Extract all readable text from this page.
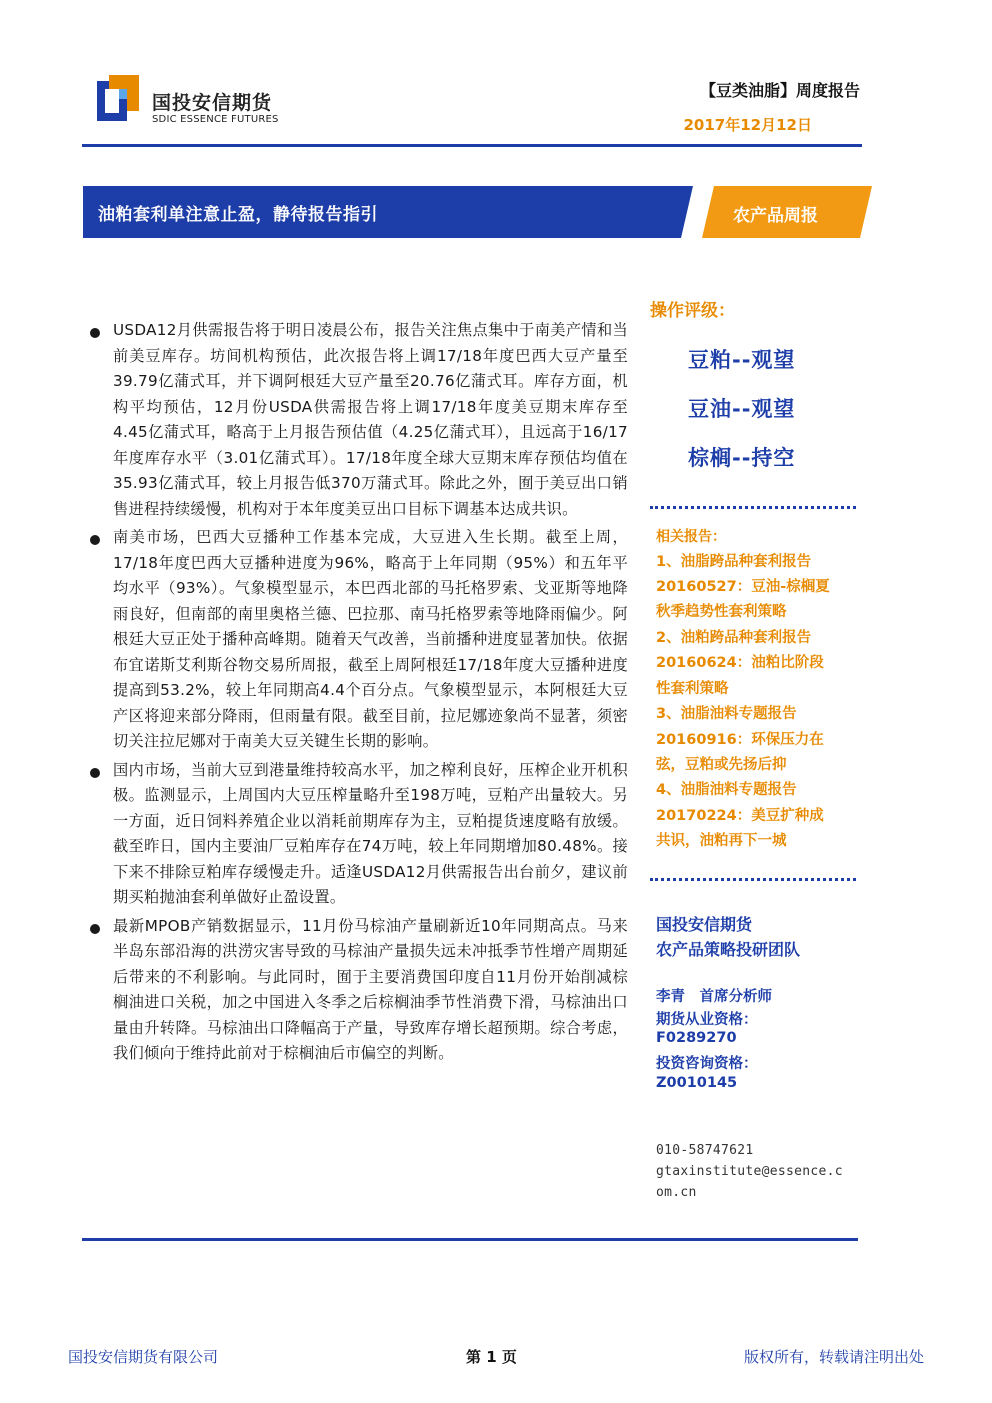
国投安信期货
SDIC ESSENCE FUTURES
【豆类油脂】周度报告
2017年12月12日
油粕套利单注意止盈，静待报告指引	农产品周报
USDA12月供需报告将于明日凌晨公布，报告关注焦点集中于南美产情和当前美豆库存。坊间机构预估，此次报告将上调17/18年度巴西大豆产量至39.79亿蒲式耳，并下调阿根廷大豆产量至20.76亿蒲式耳。库存方面，机构平均预估，12月份USDA供需报告将上调17/18年度美豆期末库存至4.45亿蒲式耳，略高于上月报告预估值（4.25亿蒲式耳），且远高于16/17年度库存水平（3.01亿蒲式耳）。17/18年度全球大豆期末库存预估均值在35.93亿蒲式耳，较上月报告低370万蒲式耳。除此之外，囿于美豆出口销售进程持续缓慢，机构对于本年度美豆出口目标下调基本达成共识。
南美市场，巴西大豆播种工作基本完成，大豆进入生长期。截至上周，17/18年度巴西大豆播种进度为96%，略高于上年同期（95%）和五年平均水平（93%）。气象模型显示，本巴西北部的马托格罗索、戈亚斯等地降雨良好，但南部的南里奥格兰德、巴拉那、南马托格罗索等地降雨偏少。阿根廷大豆正处于播种高峰期。随着天气改善，当前播种进度显著加快。依据布宜诺斯艾利斯谷物交易所周报，截至上周阿根廷17/18年度大豆播种进度提高到53.2%，较上年同期高4.4个百分点。气象模型显示，本阿根廷大豆产区将迎来部分降雨，但雨量有限。截至目前，拉尼娜迹象尚不显著，须密切关注拉尼娜对于南美大豆关键生长期的影响。
国内市场，当前大豆到港量维持较高水平，加之榨利良好，压榨企业开机积极。监测显示，上周国内大豆压榨量略升至198万吨，豆粕产出量较大。另一方面，近日饲料养殖企业以消耗前期库存为主，豆粕提货速度略有放缓。截至昨日，国内主要油厂豆粕库存在74万吨，较上年同期增加80.48%。接下来不排除豆粕库存缓慢走升。适逢USDA12月供需报告出台前夕，建议前期买粕抛油套利单做好止盈设置。
最新MPOB产销数据显示，11月份马棕油产量刷新近10年同期高点。马来半岛东部沿海的洪涝灾害导致的马棕油产量损失远未冲抵季节性增产周期延后带来的不利影响。与此同时，囿于主要消费国印度自11月份开始削减棕榈油进口关税，加之中国进入冬季之后棕榈油季节性消费下滑，马棕油出口量由升转降。马棕油出口降幅高于产量，导致库存增长超预期。综合考虑，我们倾向于维持此前对于棕榈油后市偏空的判断。
操作评级：
豆粕--观望
豆油--观望
棕榈--持空
相关报告：
1、油脂跨品种套利报告
20160527：豆油-棕榈夏
秋季趋势性套利策略
2、油粕跨品种套利报告
20160624：油粕比阶段
性套利策略
3、油脂油料专题报告
20160916：环保压力在
弦，豆粕或先扬后抑
4、油脂油料专题报告
20170224：美豆扩种成
共识，油粕再下一城
国投安信期货
农产品策略投研团队
李青　首席分析师
期货从业资格：
F0289270
投资咨询资格：
Z0010145
010-58747621
gtaxinstitute@essence.c
om.cn
国投安信期货有限公司	第 1 页	版权所有，转载请注明出处
